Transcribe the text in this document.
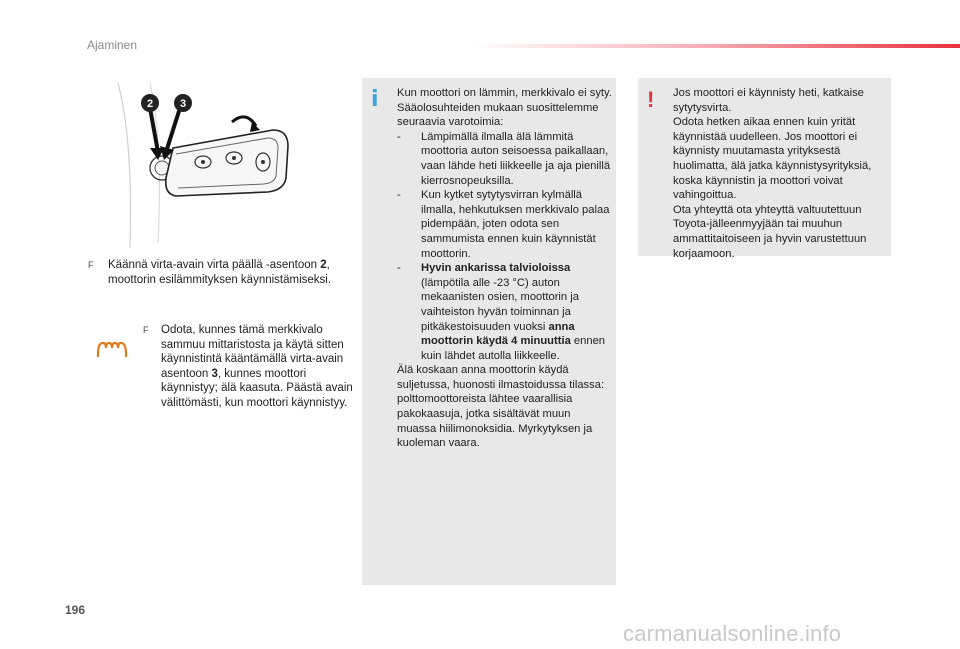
Ajaminen
2 3
F Käännä virta-avain virta päällä -asentoon 2, moottorin esilämmityksen käynnistämiseksi.
F Odota, kunnes tämä merkkivalo sammuu mittaristosta ja käytä sitten käynnistintä kääntämällä virta-avain asentoon 3, kunnes moottori käynnistyy; älä kaasuta. Päästä avain välittömästi, kun moottori käynnistyy.
i Kun moottori on lämmin, merkkivalo ei syty. Sääolosuhteiden mukaan suosittelemme seuraavia varotoimia:

- Lämpimällä ilmalla älä lämmitä moottoria auton seisoessa paikallaan, vaan lähde heti liikkeelle ja aja pienillä kierrosnopeuksilla.

- Kun kytket sytytysvirran kylmällä ilmalla, hehkutuksen merkkivalo palaa pidempään, joten odota sen sammumista ennen kuin käynnistät moottorin.

- Hyvin ankarissa talvioloissa (lämpötila alle -23 °C) auton mekaanisten osien, moottorin ja vaihteiston hyvän toiminnan ja pitkäkestoisuuden vuoksi anna moottorin käydä 4 minuuttia ennen kuin lähdet autolla liikkeelle.

Älä koskaan anna moottorin käydä suljetussa, huonosti ilmastoidussa tilassa: polttomoottoreista lähtee vaarallisia pakokaasuja, jotka sisältävät muun muassa hiilimonoksidia. Myrkytyksen ja kuoleman vaara.

! Jos moottori ei käynnisty heti, katkaise sytytysvirta.

Odota hetken aikaa ennen kuin yrität käynnistää uudelleen. Jos moottori ei käynnisty muutamasta yrityksestä huolimatta, älä jatka käynnistysyrityksiä, koska käynnistin ja moottori voivat vahingoittua.

Ota yhteyttä ota yhteyttä valtuutettuun Toyota-jälleenmyyjään tai muuhun ammattitaitoiseen ja hyvin varustettuun korjaamoon.

196
carmanualsonline.info
